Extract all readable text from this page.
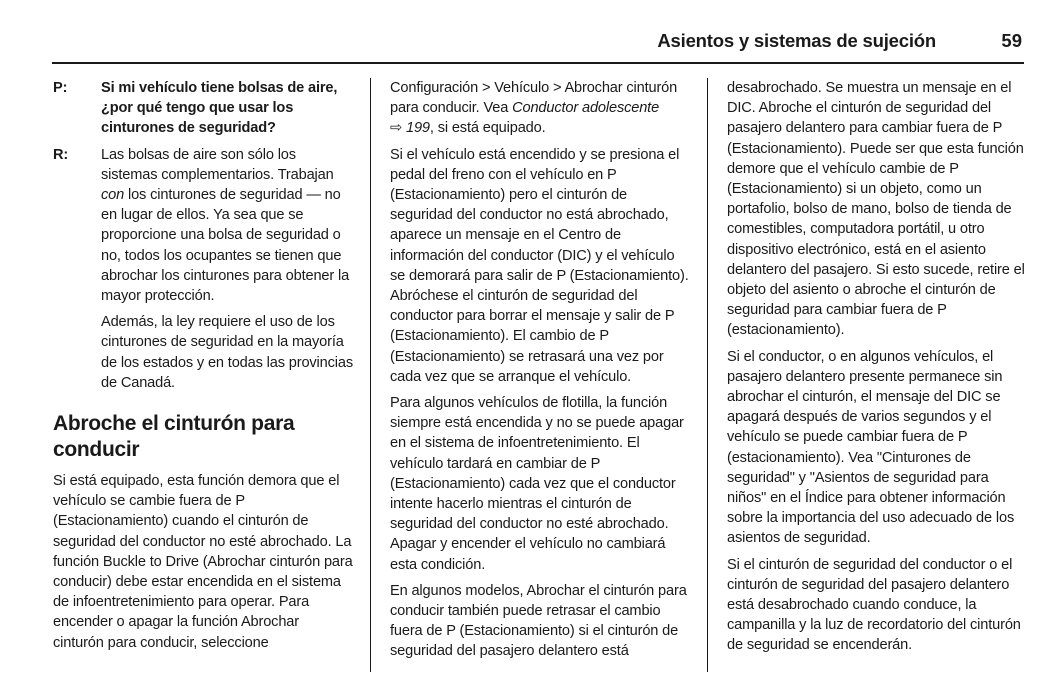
Asientos y sistemas de sujeción	59
P:	Si mi vehículo tiene bolsas de aire, ¿por qué tengo que usar los cinturones de seguridad?
R:	Las bolsas de aire son sólo los sistemas complementarios. Trabajan con los cinturones de seguridad — no en lugar de ellos. Ya sea que se proporcione una bolsa de seguridad o no, todos los ocupantes se tienen que abrochar los cinturones para obtener la mayor protección.
Además, la ley requiere el uso de los cinturones de seguridad en la mayoría de los estados y en todas las provincias de Canadá.
Abroche el cinturón para conducir
Si está equipado, esta función demora que el vehículo se cambie fuera de P (Estacionamiento) cuando el cinturón de seguridad del conductor no esté abrochado. La función Buckle to Drive (Abrochar cinturón para conducir) debe estar encendida en el sistema de infoentretenimiento para operar. Para encender o apagar la función Abrochar cinturón para conducir, seleccione
Configuración > Vehículo > Abrochar cinturón para conducir. Vea Conductor adolescente
⇨ 199, si está equipado.
Si el vehículo está encendido y se presiona el pedal del freno con el vehículo en P (Estacionamiento) pero el cinturón de seguridad del conductor no está abrochado, aparece un mensaje en el Centro de información del conductor (DIC) y el vehículo se demorará para salir de P (Estacionamiento). Abróchese el cinturón de seguridad del conductor para borrar el mensaje y salir de P (Estacionamiento). El cambio de P (Estacionamiento) se retrasará una vez por cada vez que se arranque el vehículo.
Para algunos vehículos de flotilla, la función siempre está encendida y no se puede apagar en el sistema de infoentretenimiento. El vehículo tardará en cambiar de P (Estacionamiento) cada vez que el conductor intente hacerlo mientras el cinturón de seguridad del conductor no esté abrochado. Apagar y encender el vehículo no cambiará esta condición.
En algunos modelos, Abrochar el cinturón para conducir también puede retrasar el cambio fuera de P (Estacionamiento) si el cinturón de seguridad del pasajero delantero está
desabrochado. Se muestra un mensaje en el DIC. Abroche el cinturón de seguridad del pasajero delantero para cambiar fuera de P (Estacionamiento). Puede ser que esta función demore que el vehículo cambie de P (Estacionamiento) si un objeto, como un portafolio, bolso de mano, bolso de tienda de comestibles, computadora portátil, u otro dispositivo electrónico, está en el asiento delantero del pasajero. Si esto sucede, retire el objeto del asiento o abroche el cinturón de seguridad para cambiar fuera de P (estacionamiento).
Si el conductor, o en algunos vehículos, el pasajero delantero presente permanece sin abrochar el cinturón, el mensaje del DIC se apagará después de varios segundos y el vehículo se puede cambiar fuera de P (estacionamiento). Vea "Cinturones de seguridad" y "Asientos de seguridad para niños" en el Índice para obtener información sobre la importancia del uso adecuado de los asientos de seguridad.
Si el cinturón de seguridad del conductor o el cinturón de seguridad del pasajero delantero está desabrochado cuando conduce, la campanilla y la luz de recordatorio del cinturón de seguridad se encenderán.
